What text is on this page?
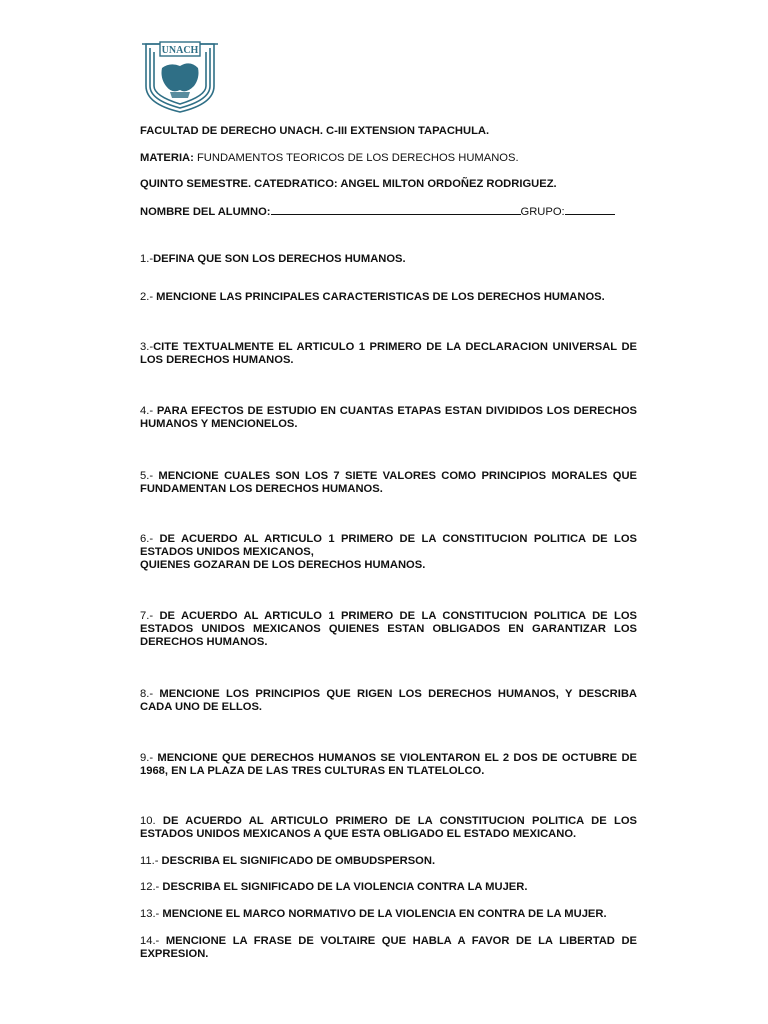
UNACH
FACULTAD DE DERECHO UNACH. C-III EXTENSION TAPACHULA.
MATERIA: FUNDAMENTOS TEORICOS DE LOS DERECHOS HUMANOS.
QUINTO SEMESTRE. CATEDRATICO: ANGEL MILTON ORDOÑEZ RODRIGUEZ.
NOMBRE DEL ALUMNO:	GRUPO:
1.-DEFINA QUE SON LOS DERECHOS HUMANOS.
2.- MENCIONE LAS PRINCIPALES CARACTERISTICAS DE LOS DERECHOS HUMANOS.
3.-CITE TEXTUALMENTE EL ARTICULO 1 PRIMERO DE LA DECLARACION UNIVERSAL DE LOS DERECHOS HUMANOS.
4.- PARA EFECTOS DE ESTUDIO EN CUANTAS ETAPAS ESTAN DIVIDIDOS LOS DERECHOS HUMANOS Y MENCIONELOS.
5.- MENCIONE CUALES SON LOS 7 SIETE VALORES COMO PRINCIPIOS MORALES QUE FUNDAMENTAN LOS DERECHOS HUMANOS.
6.- DE ACUERDO AL ARTICULO 1 PRIMERO DE LA CONSTITUCION POLITICA DE LOS ESTADOS UNIDOS MEXICANOS,
QUIENES GOZARAN DE LOS DERECHOS HUMANOS.
7.- DE ACUERDO AL ARTICULO 1 PRIMERO DE LA CONSTITUCION POLITICA DE LOS ESTADOS UNIDOS MEXICANOS QUIENES ESTAN OBLIGADOS EN GARANTIZAR LOS DERECHOS HUMANOS.
8.- MENCIONE LOS PRINCIPIOS QUE RIGEN LOS DERECHOS HUMANOS, Y DESCRIBA CADA UNO DE ELLOS.
9.- MENCIONE QUE DERECHOS HUMANOS SE VIOLENTARON EL 2 DOS DE OCTUBRE DE 1968, EN LA PLAZA DE LAS TRES CULTURAS EN TLATELOLCO.
10. DE ACUERDO AL ARTICULO PRIMERO DE LA CONSTITUCION POLITICA DE LOS ESTADOS UNIDOS MEXICANOS A QUE ESTA OBLIGADO EL ESTADO MEXICANO.
11.- DESCRIBA EL SIGNIFICADO DE OMBUDSPERSON.
12.- DESCRIBA EL SIGNIFICADO DE LA VIOLENCIA CONTRA LA MUJER.
13.- MENCIONE EL MARCO NORMATIVO DE LA VIOLENCIA EN CONTRA DE LA MUJER.
14.- MENCIONE LA FRASE DE VOLTAIRE QUE HABLA A FAVOR DE LA LIBERTAD DE EXPRESION.
